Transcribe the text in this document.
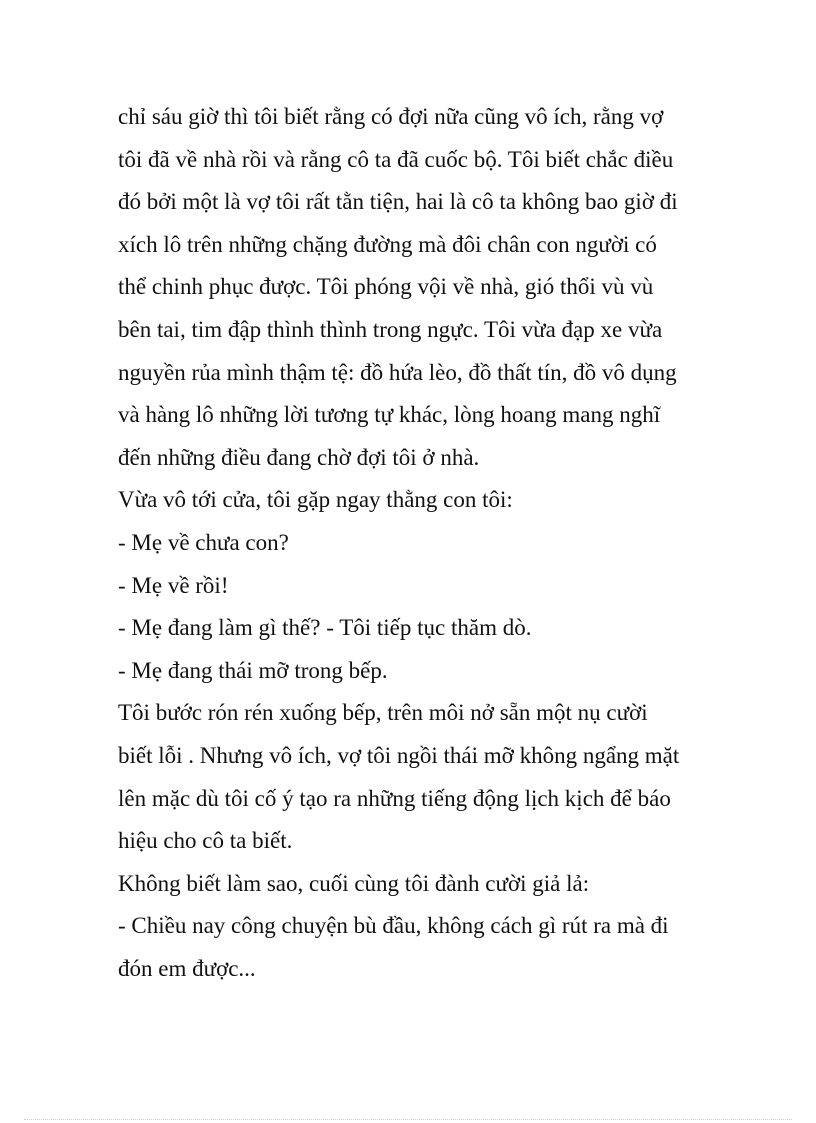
chỉ sáu giờ thì tôi biết rằng có đợi nữa cũng vô ích, rằng vợ

tôi đã về nhà rồi và rằng cô ta đã cuốc bộ. Tôi biết chắc điều

đó bởi một là vợ tôi rất tằn tiện, hai là cô ta không bao giờ đi

xích lô trên những chặng đường mà đôi chân con người có

thể chinh phục được. Tôi phóng vội về nhà, gió thổi vù vù

bên tai, tim đập thình thình trong ngực. Tôi vừa đạp xe vừa

nguyền rủa mình thậm tệ: đồ hứa lèo, đồ thất tín, đồ vô dụng

và hàng lô những lời tương tự khác, lòng hoang mang nghĩ

đến những điều đang chờ đợi tôi ở nhà.

Vừa vô tới cửa, tôi gặp ngay thằng con tôi:

- Mẹ về chưa con?

- Mẹ về rồi!

- Mẹ đang làm gì thế? - Tôi tiếp tục thăm dò.

- Mẹ đang thái mỡ trong bếp.

Tôi bước rón rén xuống bếp, trên môi nở sẵn một nụ cười

biết lỗi . Nhưng vô ích, vợ tôi ngồi thái mỡ không ngẩng mặt

lên mặc dù tôi cố ý tạo ra những tiếng động lịch kịch để báo

hiệu cho cô ta biết.

Không biết làm sao, cuối cùng tôi đành cười giả lả:

- Chiều nay công chuyện bù đầu, không cách gì rút ra mà đi

đón em được...
